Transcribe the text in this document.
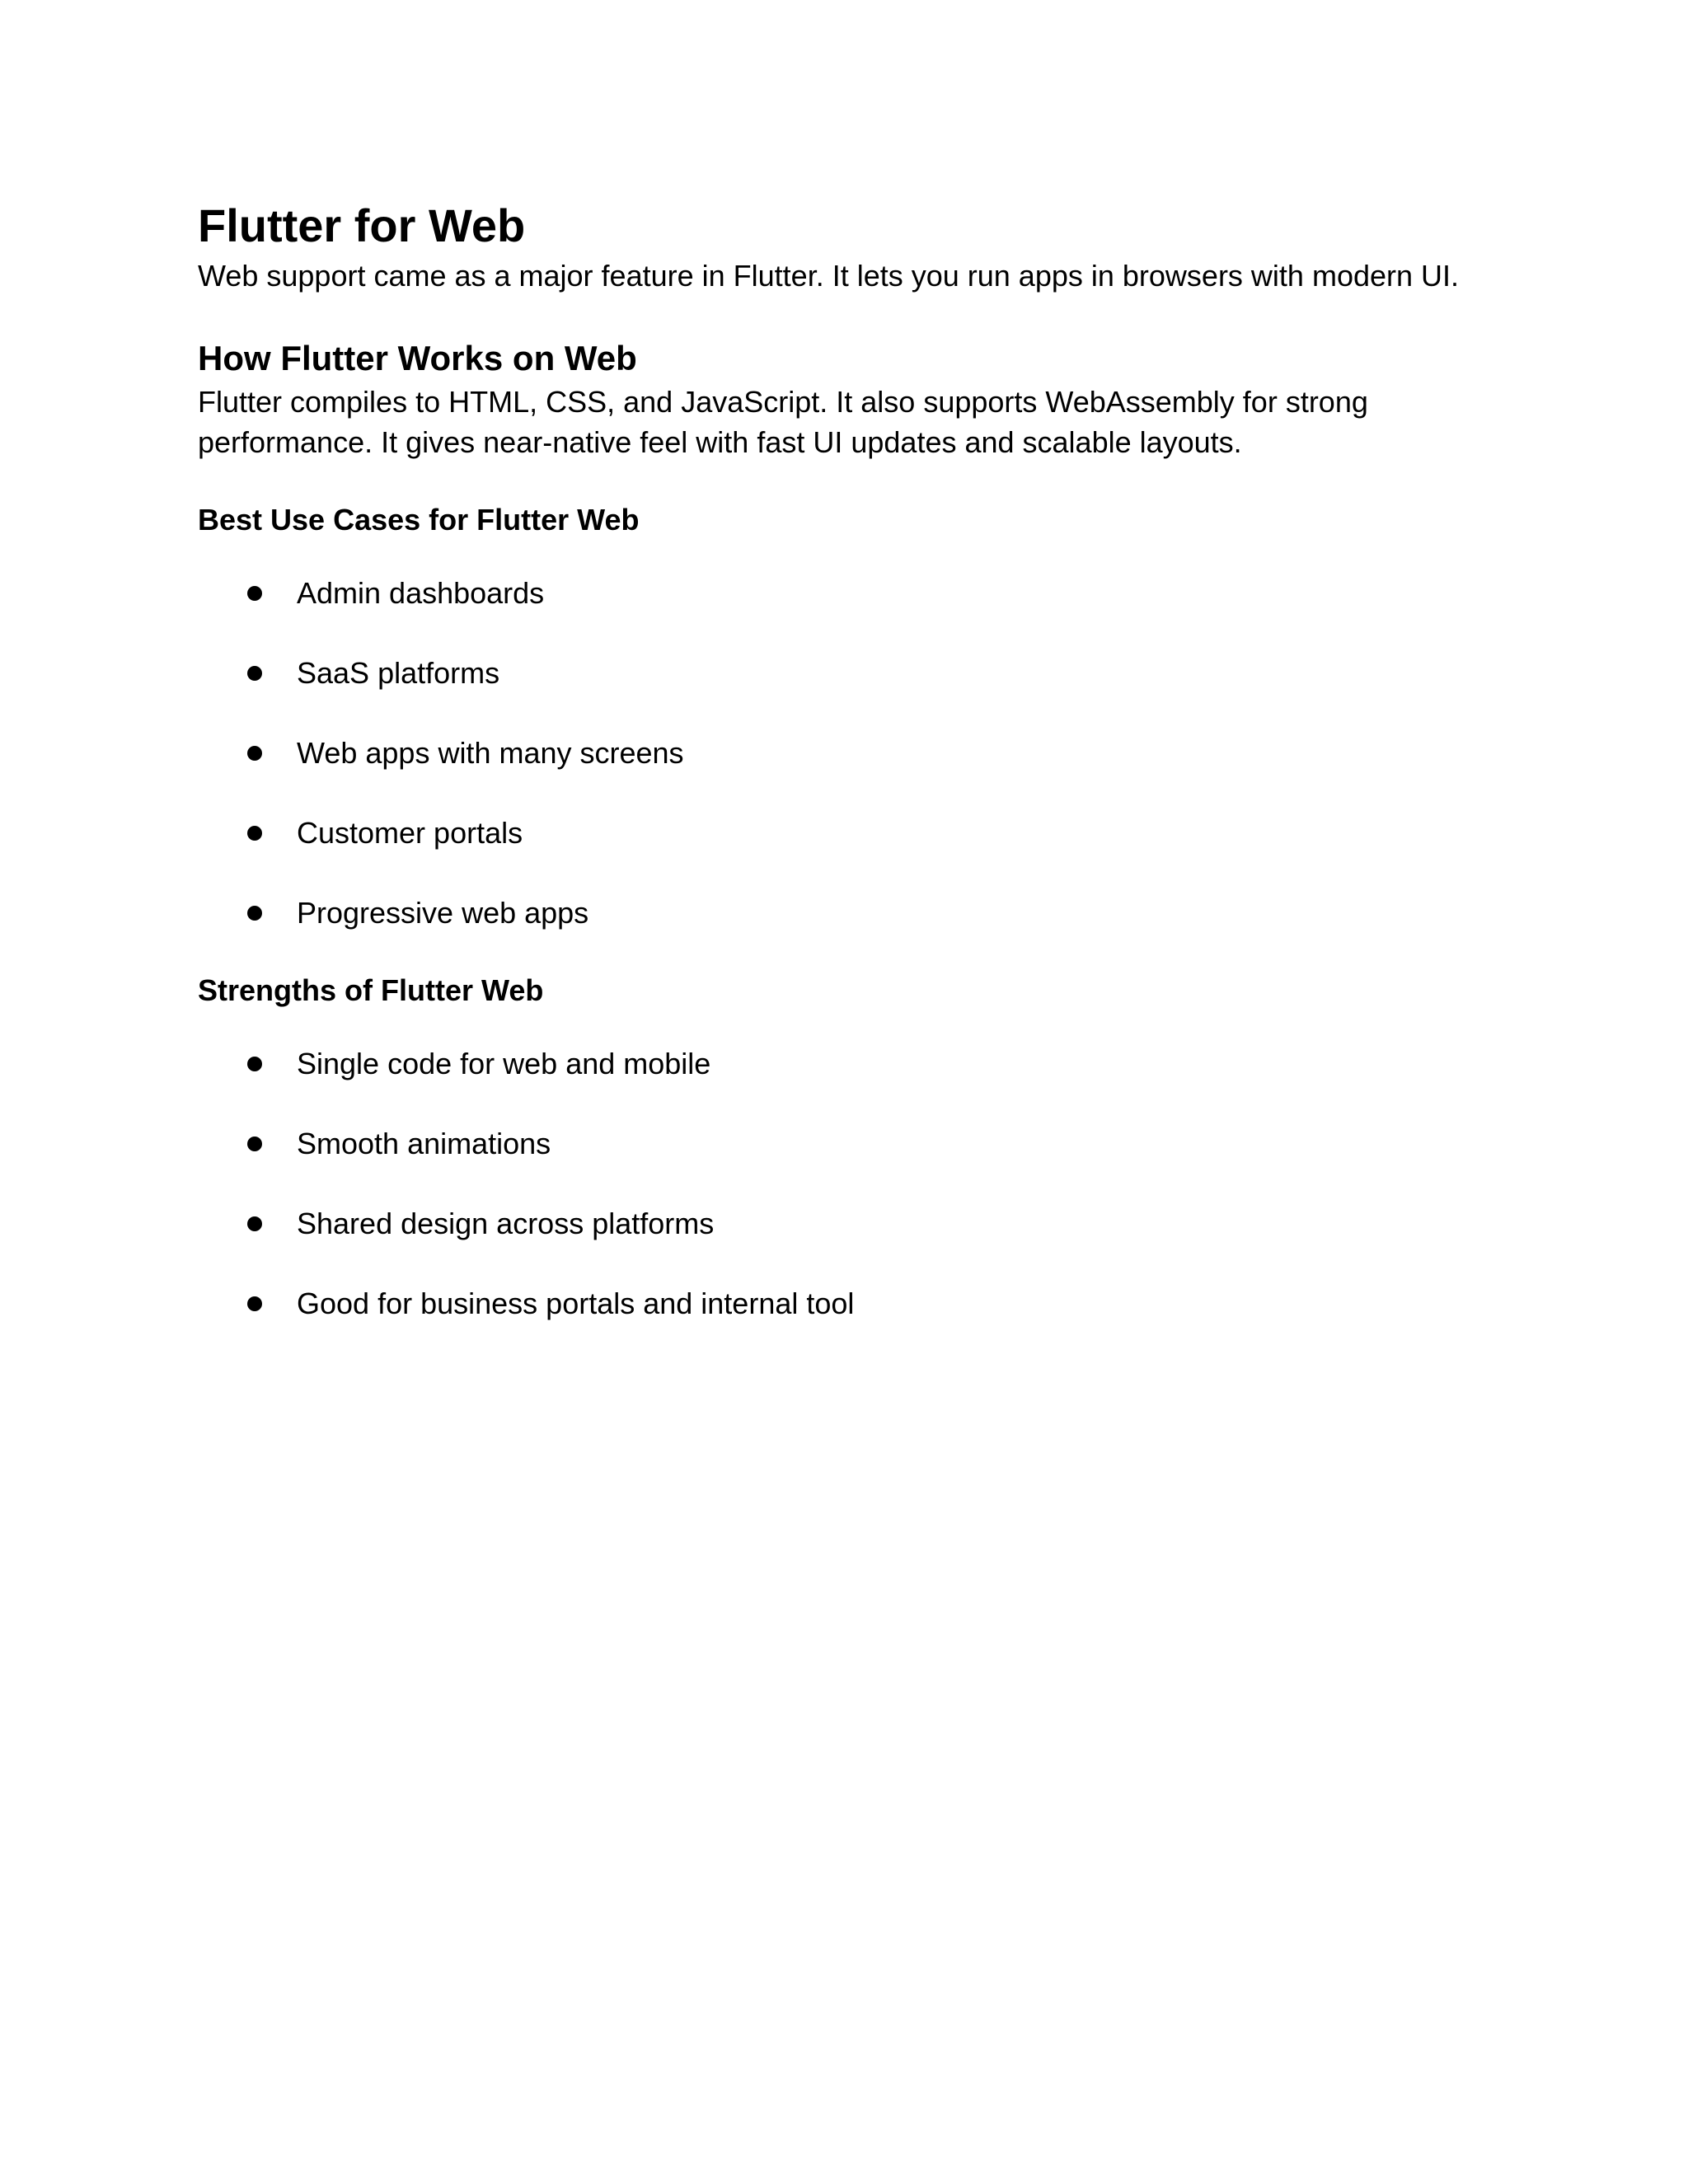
Flutter for Web

Web support came as a major feature in Flutter. It lets you run apps in browsers with modern UI.

How Flutter Works on Web

Flutter compiles to HTML, CSS, and JavaScript. It also supports WebAssembly for strong
performance. It gives near-native feel with fast UI updates and scalable layouts.

Best Use Cases for Flutter Web
Admin dashboards
SaaS platforms
Web apps with many screens
Customer portals
Progressive web apps
Strengths of Flutter Web
Single code for web and mobile
Smooth animations
Shared design across platforms
Good for business portals and internal tool
